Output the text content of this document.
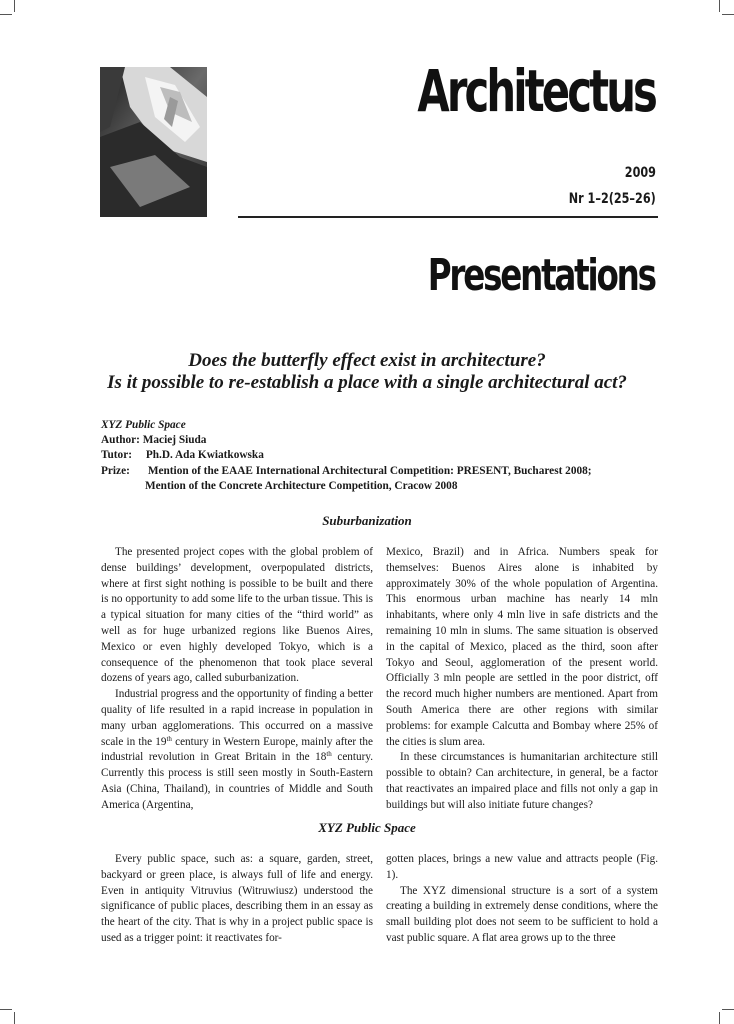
Architectus
2009
Nr 1–2(25–26)
Presentations
Does the butterfly effect exist in architecture?
Is it possible to re-establish a place with a single architectural act?
XYZ Public Space
Author: Maciej Siuda
Tutor: Ph.D. Ada Kwiatkowska
Prize: Mention of the EAAE International Architectural Competition: PRESENT, Bucharest 2008;
Mention of the Concrete Architecture Competition, Cracow 2008
Suburbanization

The presented project copes with the global problem of dense buildings’ development, overpopulated districts, where at first sight nothing is possible to be built and there is no opportunity to add some life to the urban tissue. This is a typical situation for many cities of the “third world” as well as for huge urbanized regions like Buenos Aires, Mexico or even highly developed Tokyo, which is a consequence of the phenomenon that took place several dozens of years ago, called suburbanization.

Industrial progress and the opportunity of finding a better quality of life resulted in a rapid increase in population in many urban agglomerations. This occurred on a massive scale in the 19th century in Western Europe, mainly after the industrial revolution in Great Britain in the 18th century. Currently this process is still seen mostly in South-Eastern Asia (China, Thailand), in countries of Middle and South America (Argentina,

Mexico, Brazil) and in Africa. Numbers speak for themselves: Buenos Aires alone is inhabited by approximately 30% of the whole population of Argentina. This enormous urban machine has nearly 14 mln inhabitants, where only 4 mln live in safe districts and the remaining 10 mln in slums. The same situation is observed in the capital of Mexico, placed as the third, soon after Tokyo and Seoul, agglomeration of the present world. Officially 3 mln people are settled in the poor district, off the record much higher numbers are mentioned. Apart from South America there are other regions with similar problems: for example Calcutta and Bombay where 25% of the cities is slum area.

In these circumstances is humanitarian architecture still possible to obtain? Can architecture, in general, be a factor that reactivates an impaired place and fills not only a gap in buildings but will also initiate future changes?

XYZ Public Space

Every public space, such as: a square, garden, street, backyard or green place, is always full of life and energy. Even in antiquity Vitruvius (Witruwiusz) understood the significance of public places, describing them in an essay as the heart of the city. That is why in a project public space is used as a trigger point: it reactivates for-

gotten places, brings a new value and attracts people (Fig. 1).

The XYZ dimensional structure is a sort of a system creating a building in extremely dense conditions, where the small building plot does not seem to be sufficient to hold a vast public square. A flat area grows up to the three
